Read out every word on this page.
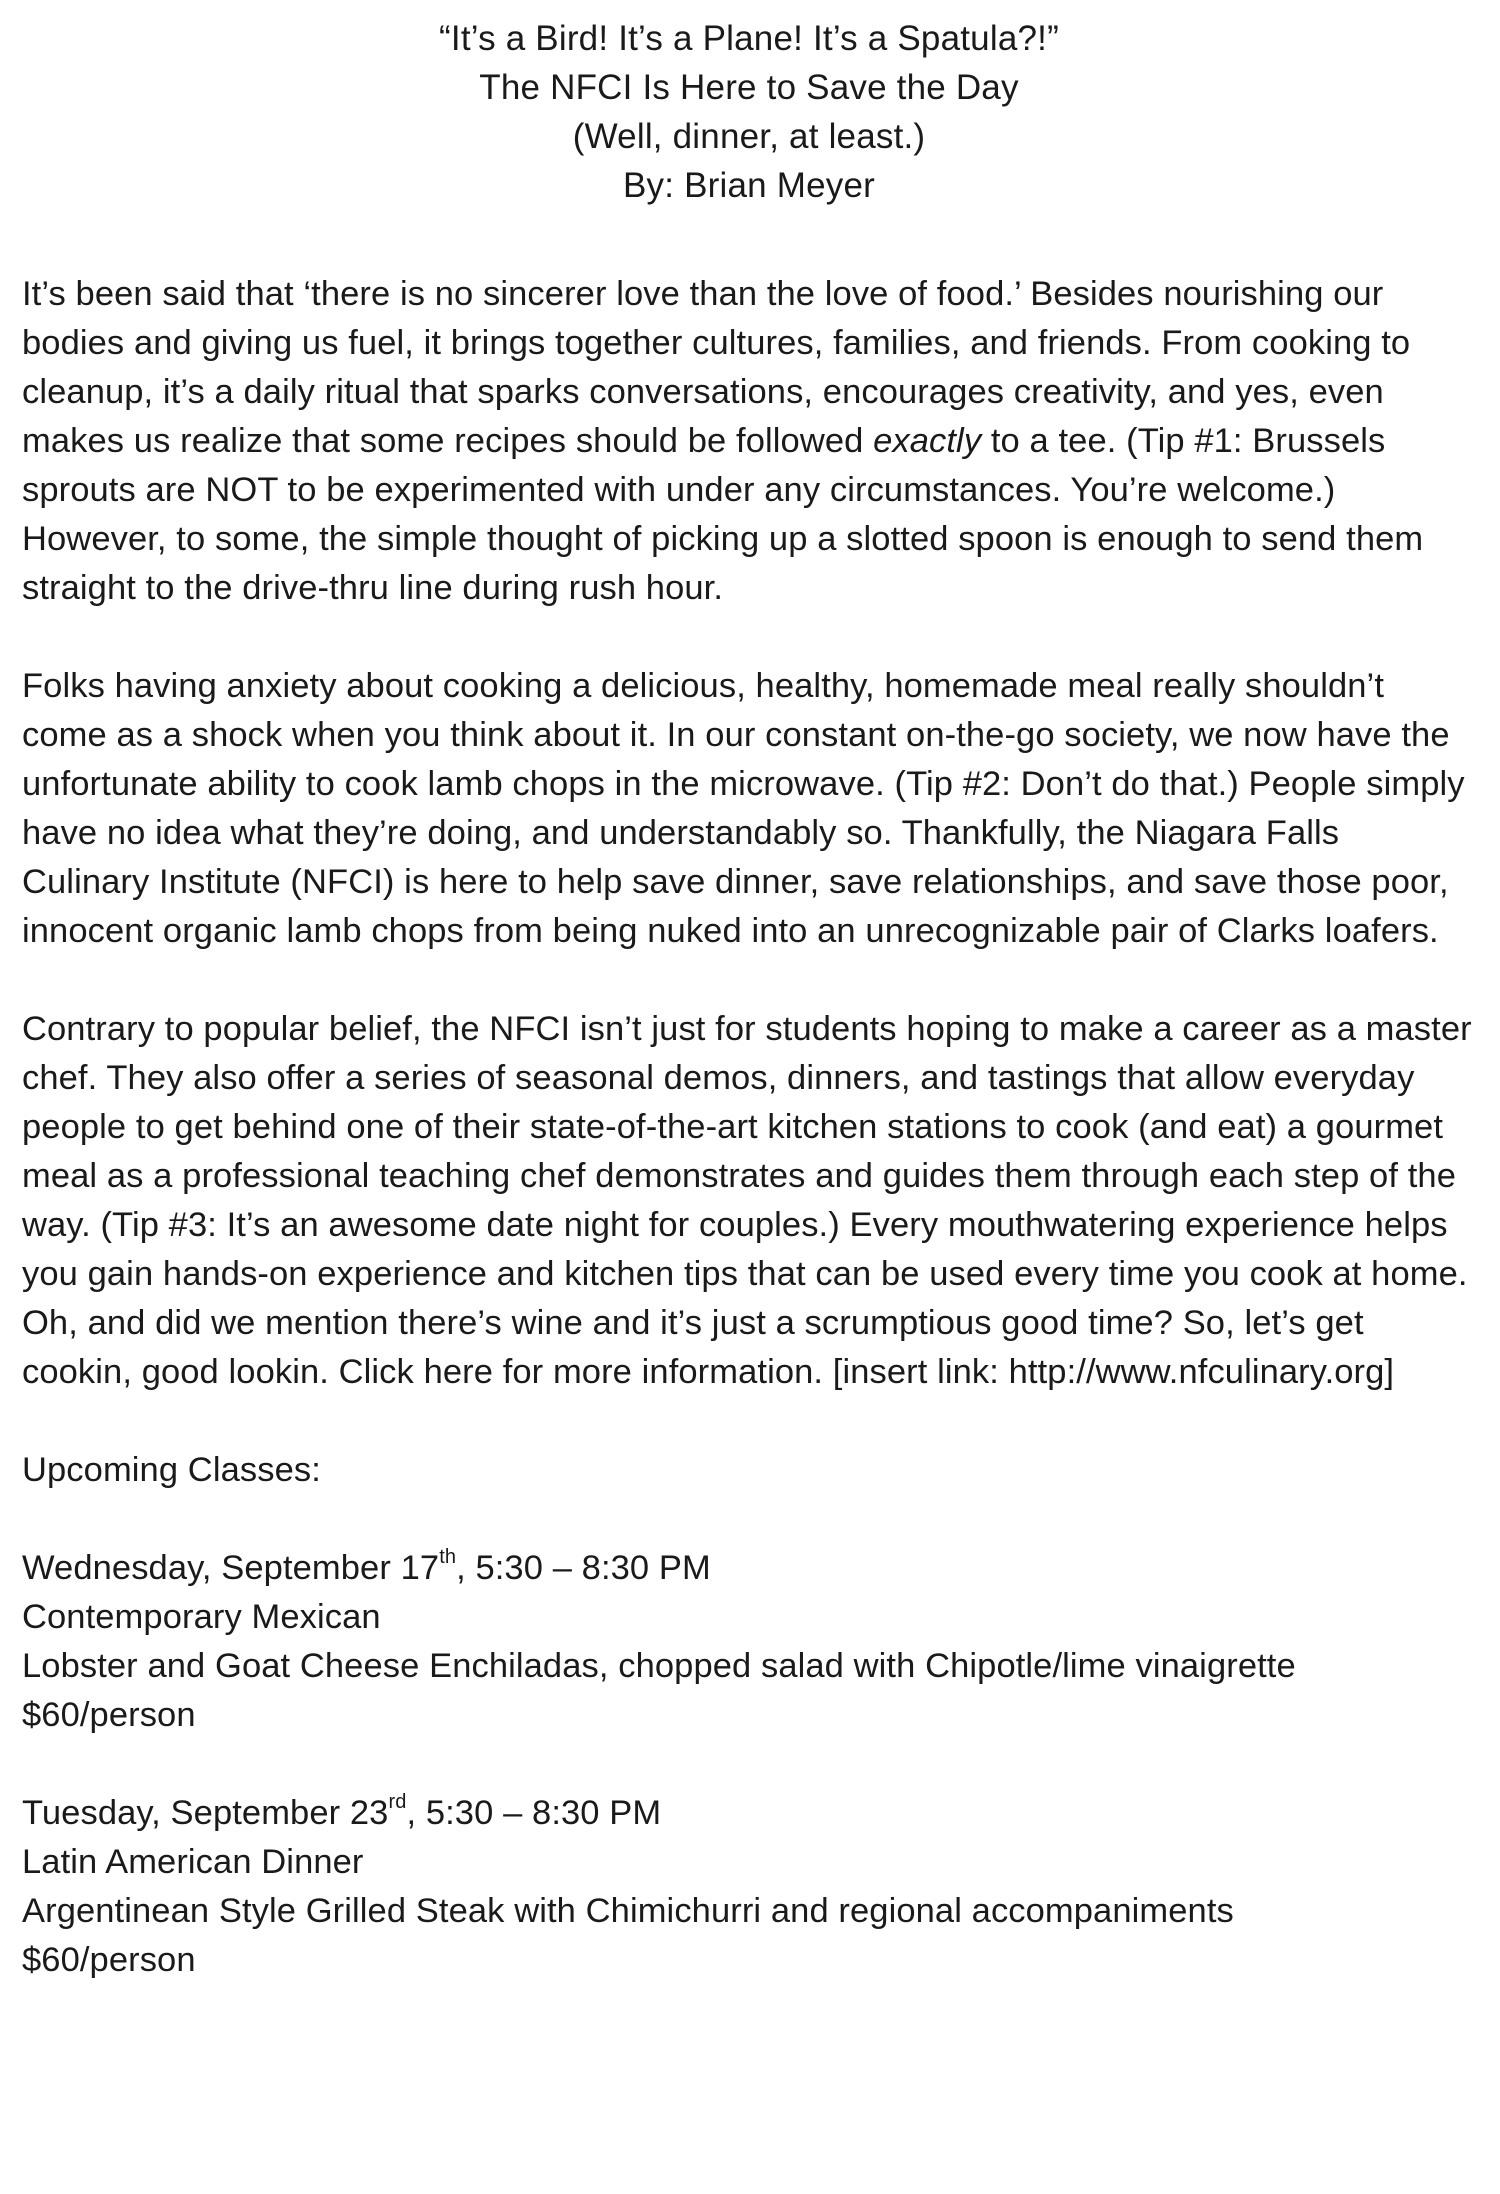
“It’s a Bird! It’s a Plane! It’s a Spatula?!”
The NFCI Is Here to Save the Day
(Well, dinner, at least.)
By: Brian Meyer

It’s been said that ‘there is no sincerer love than the love of food.’ Besides nourishing our bodies and giving us fuel, it brings together cultures, families, and friends. From cooking to cleanup, it’s a daily ritual that sparks conversations, encourages creativity, and yes, even makes us realize that some recipes should be followed exactly to a tee. (Tip #1: Brussels sprouts are NOT to be experimented with under any circumstances. You’re welcome.) However, to some, the simple thought of picking up a slotted spoon is enough to send them straight to the drive-thru line during rush hour.

Folks having anxiety about cooking a delicious, healthy, homemade meal really shouldn’t come as a shock when you think about it. In our constant on-the-go society, we now have the unfortunate ability to cook lamb chops in the microwave. (Tip #2: Don’t do that.) People simply have no idea what they’re doing, and understandably so. Thankfully, the Niagara Falls Culinary Institute (NFCI) is here to help save dinner, save relationships, and save those poor, innocent organic lamb chops from being nuked into an unrecognizable pair of Clarks loafers.

Contrary to popular belief, the NFCI isn’t just for students hoping to make a career as a master chef. They also offer a series of seasonal demos, dinners, and tastings that allow everyday people to get behind one of their state-of-the-art kitchen stations to cook (and eat) a gourmet meal as a professional teaching chef demonstrates and guides them through each step of the way. (Tip #3: It’s an awesome date night for couples.) Every mouthwatering experience helps you gain hands-on experience and kitchen tips that can be used every time you cook at home. Oh, and did we mention there’s wine and it’s just a scrumptious good time? So, let’s get cookin, good lookin. Click here for more information. [insert link: http://www.nfculinary.org]

Upcoming Classes:

Wednesday, September 17th, 5:30 – 8:30 PM
Contemporary Mexican
Lobster and Goat Cheese Enchiladas, chopped salad with Chipotle/lime vinaigrette
$60/person
Tuesday, September 23rd, 5:30 – 8:30 PM
Latin American Dinner
Argentinean Style Grilled Steak with Chimichurri and regional accompaniments
$60/person
